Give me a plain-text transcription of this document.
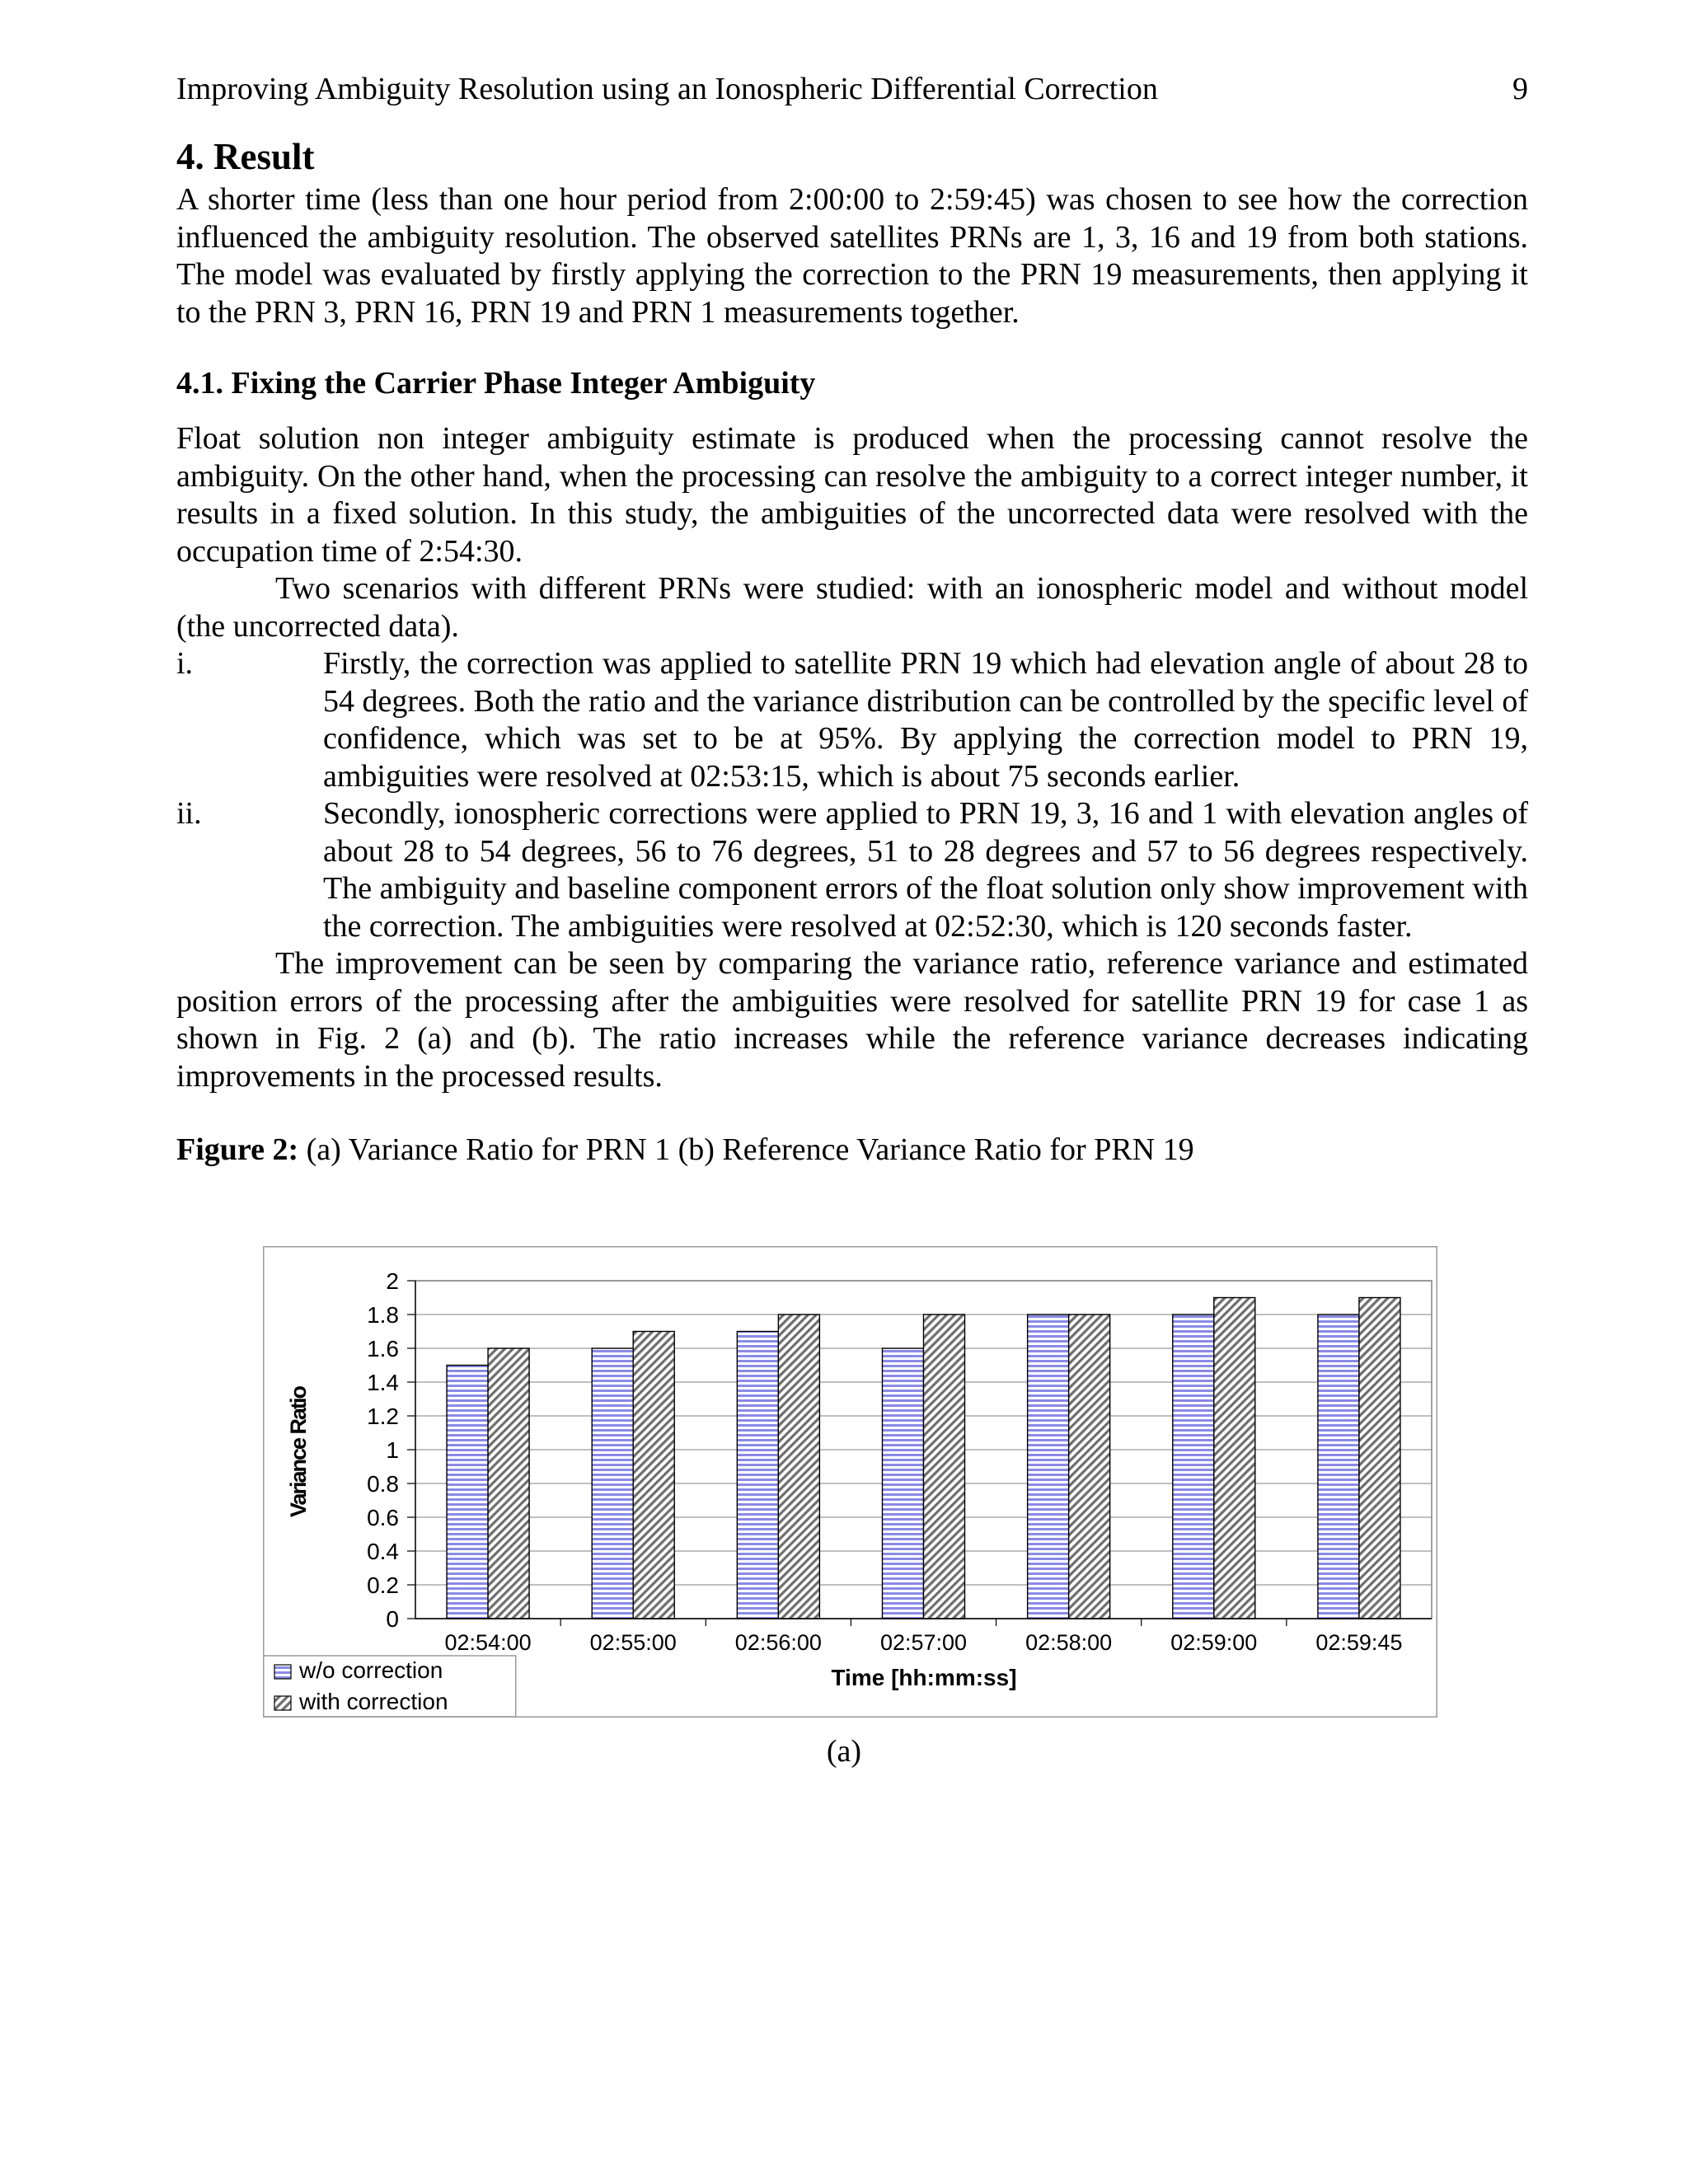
Improving Ambiguity Resolution using an Ionospheric Differential Correction	9
4. Result

A shorter time (less than one hour period from 2:00:00 to 2:59:45) was chosen to see how the correction influenced the ambiguity resolution. The observed satellites PRNs are 1, 3, 16 and 19 from both stations. The model was evaluated by firstly applying the correction to the PRN 19 measurements, then applying it to the PRN 3, PRN 16, PRN 19 and PRN 1 measurements together.

4.1. Fixing the Carrier Phase Integer Ambiguity

Float solution non integer ambiguity estimate is produced when the processing cannot resolve the ambiguity. On the other hand, when the processing can resolve the ambiguity to a correct integer number, it results in a fixed solution. In this study, the ambiguities of the uncorrected data were resolved with the occupation time of 2:54:30.

Two scenarios with different PRNs were studied: with an ionospheric model and without model (the uncorrected data).

i.	Firstly, the correction was applied to satellite PRN 19 which had elevation angle of about 28 to 54 degrees. Both the ratio and the variance distribution can be controlled by the specific level of confidence, which was set to be at 95%. By applying the correction model to PRN 19, ambiguities were resolved at 02:53:15, which is about 75 seconds earlier.
ii.	Secondly, ionospheric corrections were applied to PRN 19, 3, 16 and 1 with elevation angles of about 28 to 54 degrees, 56 to 76 degrees, 51 to 28 degrees and 57 to 56 degrees respectively. The ambiguity and baseline component errors of the float solution only show improvement with the correction. The ambiguities were resolved at 02:52:30, which is 120 seconds faster.

The improvement can be seen by comparing the variance ratio, reference variance and estimated position errors of the processing after the ambiguities were resolved for satellite PRN 19 for case 1 as shown in Fig. 2 (a) and (b). The ratio increases while the reference variance decreases indicating improvements in the processed results.

Figure 2: (a) Variance Ratio for PRN 1 (b) Reference Variance Ratio for PRN 19

0
0.2
0.4
0.6
0.8
1
1.2
1.4
1.6
1.8
2
02:54:00	02:55:00	02:56:00	02:57:00	02:58:00	02:59:00	02:59:45
Variance Ratio
Time [hh:mm:ss]
w/o correction
with correction
(a)
